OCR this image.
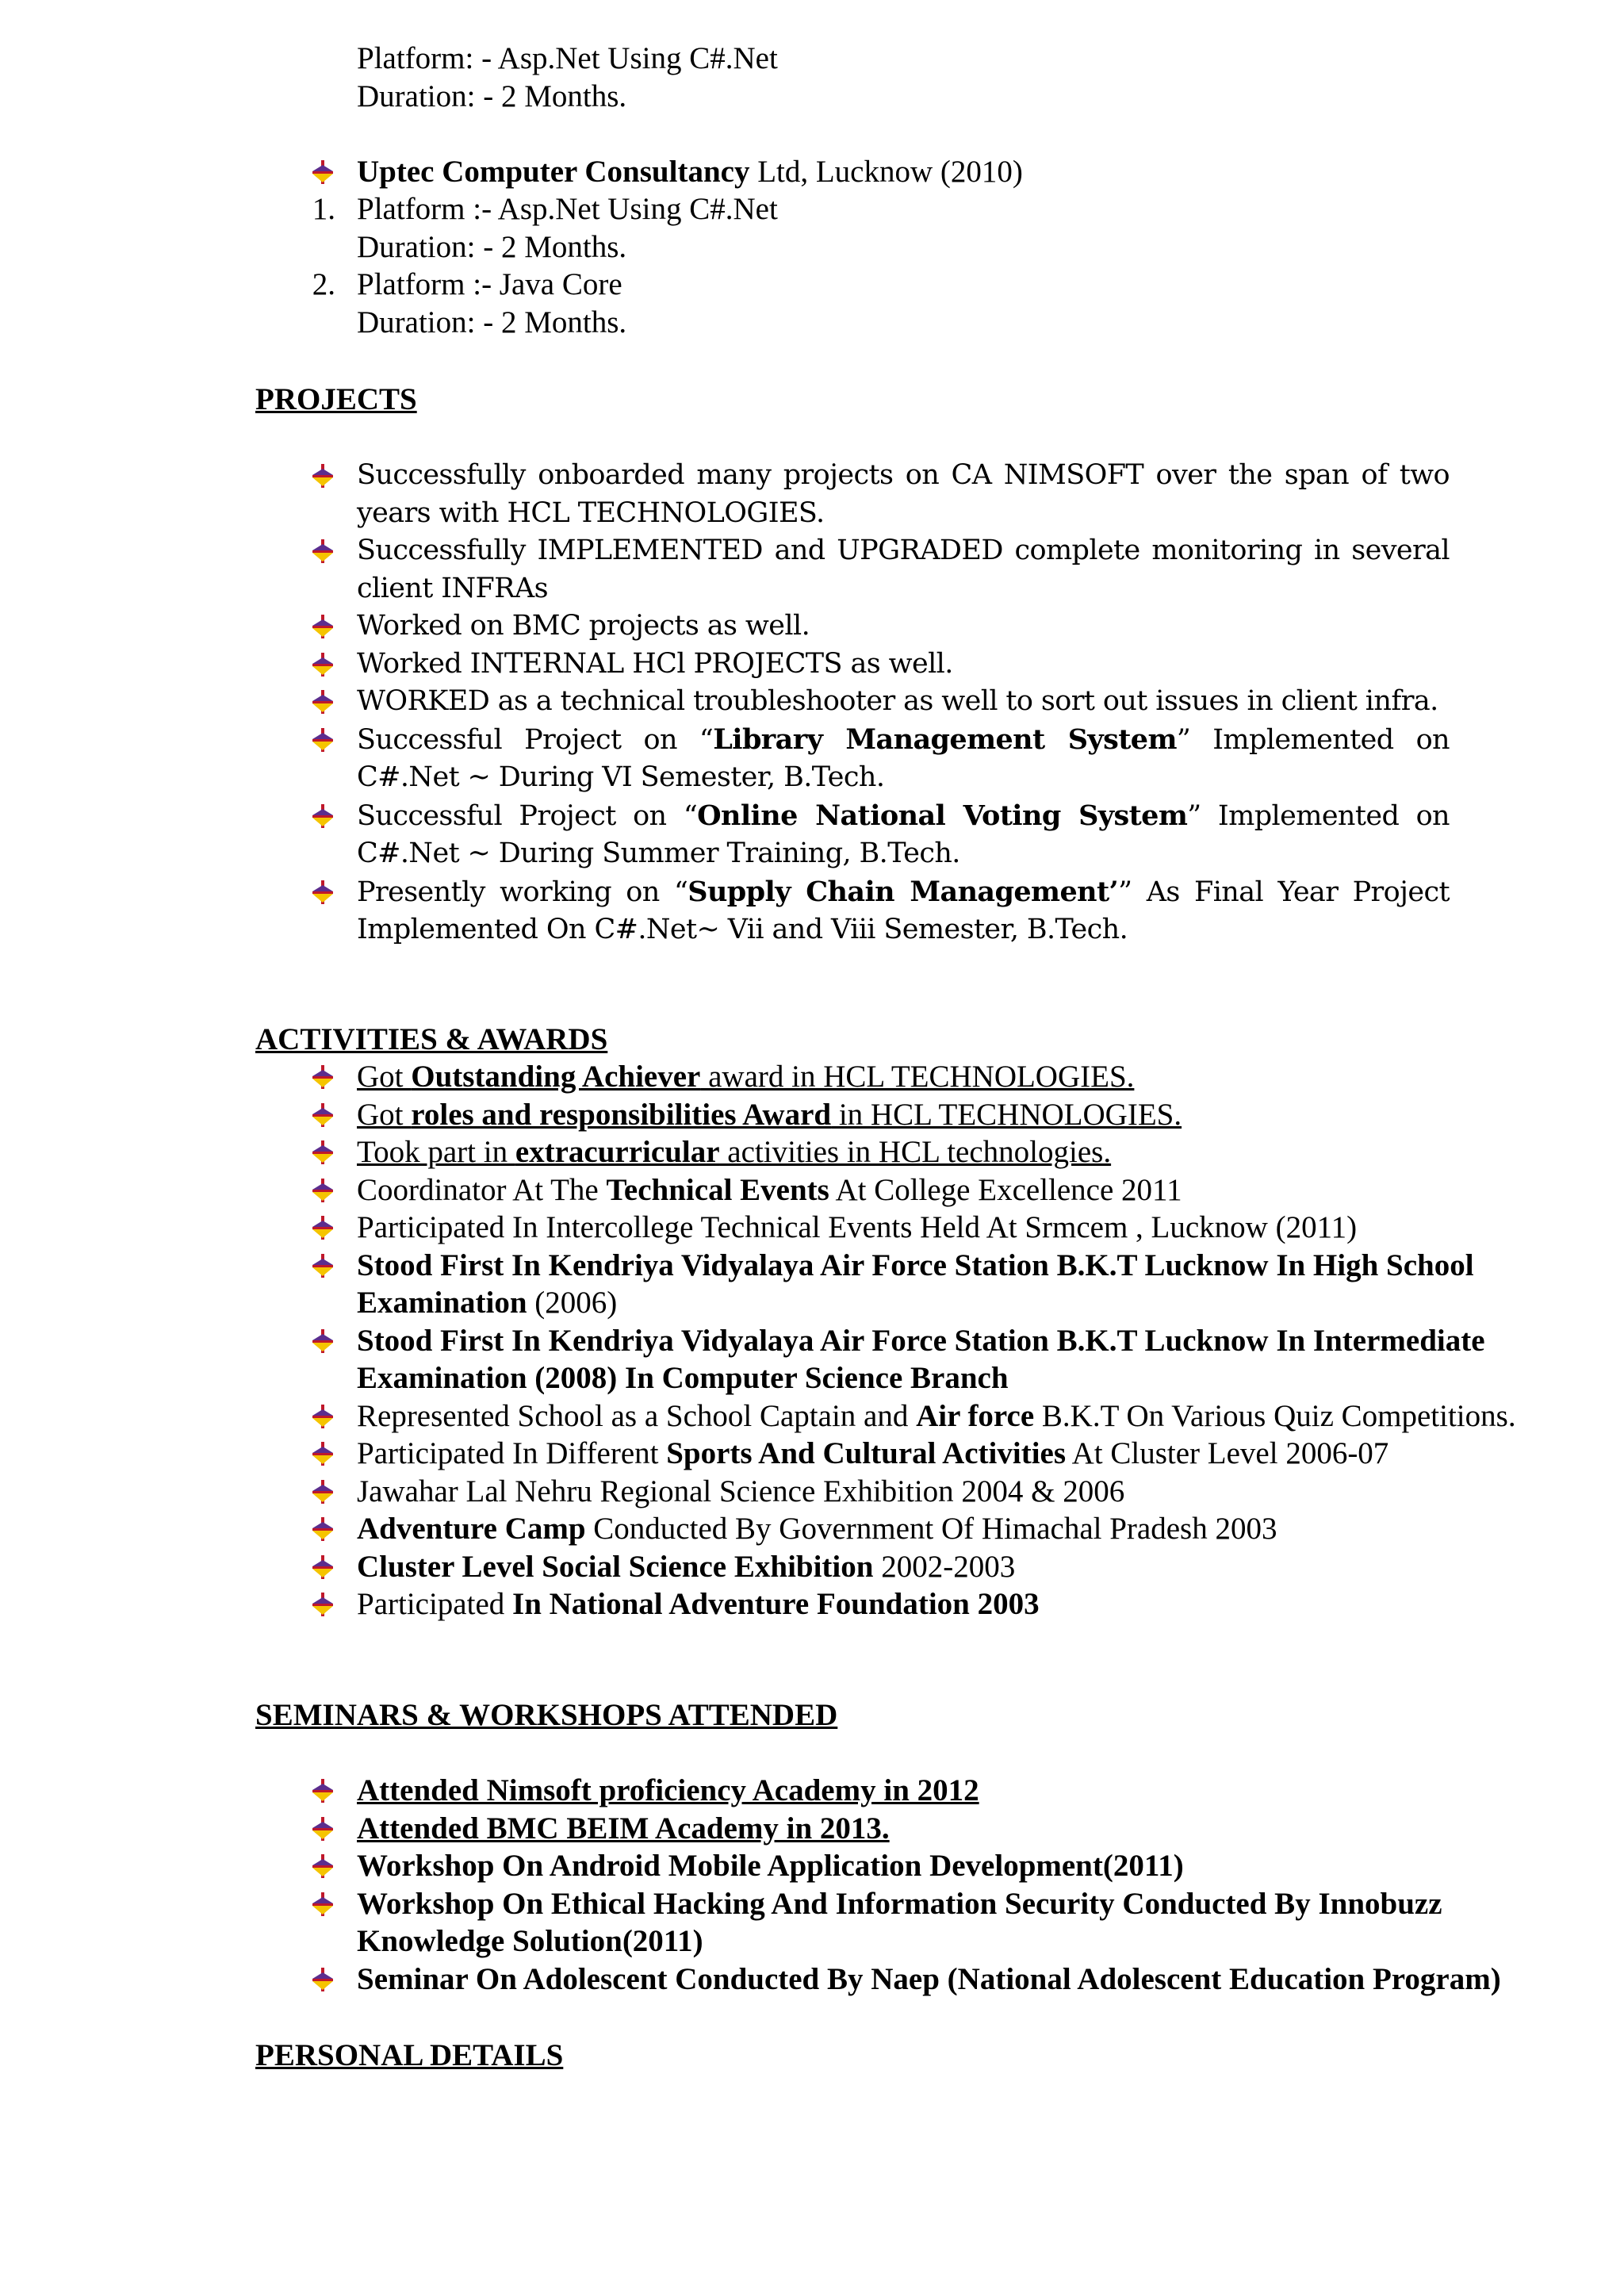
Platform: - Asp.Net Using C#.Net
Duration: - 2 Months.
Uptec Computer Consultancy Ltd, Lucknow (2010)
1. Platform :- Asp.Net Using C#.Net
Duration: - 2 Months.
2. Platform :- Java Core
Duration: - 2 Months.
PROJECTS
Successfully onboarded many projects on CA NIMSOFT over the span of two years with HCL TECHNOLOGIES.
Successfully IMPLEMENTED and UPGRADED complete monitoring in several client INFRAs
Worked on BMC projects as well.
Worked INTERNAL HCl PROJECTS as well.
WORKED as a technical troubleshooter as well to sort out issues in client infra.
Successful Project on “Library Management System” Implemented on C#.Net ~ During VI Semester, B.Tech.
Successful Project on “Online National Voting System” Implemented on C#.Net ~ During Summer Training, B.Tech.
Presently working on “Supply Chain Management’” As Final Year Project Implemented On C#.Net~ Vii and Viii Semester, B.Tech.
ACTIVITIES & AWARDS
Got Outstanding Achiever award in HCL TECHNOLOGIES.
Got roles and responsibilities Award in HCL TECHNOLOGIES.
Took part in extracurricular activities in HCL technologies.
Coordinator At The Technical Events At College Excellence 2011
Participated In Intercollege Technical Events Held At Srmcem , Lucknow (2011)
Stood First In Kendriya Vidyalaya Air Force Station B.K.T Lucknow In High School
Examination (2006)
Stood First In Kendriya Vidyalaya Air Force Station B.K.T Lucknow In Intermediate
Examination (2008) In Computer Science Branch
Represented School as a School Captain and Air force B.K.T On Various Quiz Competitions.
Participated In Different Sports And Cultural Activities At Cluster Level 2006-07
Jawahar Lal Nehru Regional Science Exhibition 2004 & 2006
Adventure Camp Conducted By Government Of Himachal Pradesh 2003
Cluster Level Social Science Exhibition 2002-2003
Participated In National Adventure Foundation 2003
SEMINARS & WORKSHOPS ATTENDED
Attended Nimsoft proficiency Academy in 2012
Attended BMC BEIM Academy in 2013.
Workshop On Android Mobile Application Development(2011)
Workshop On Ethical Hacking And Information Security Conducted By Innobuzz
Knowledge Solution(2011)
Seminar On Adolescent Conducted By Naep (National Adolescent Education Program)
PERSONAL DETAILS
